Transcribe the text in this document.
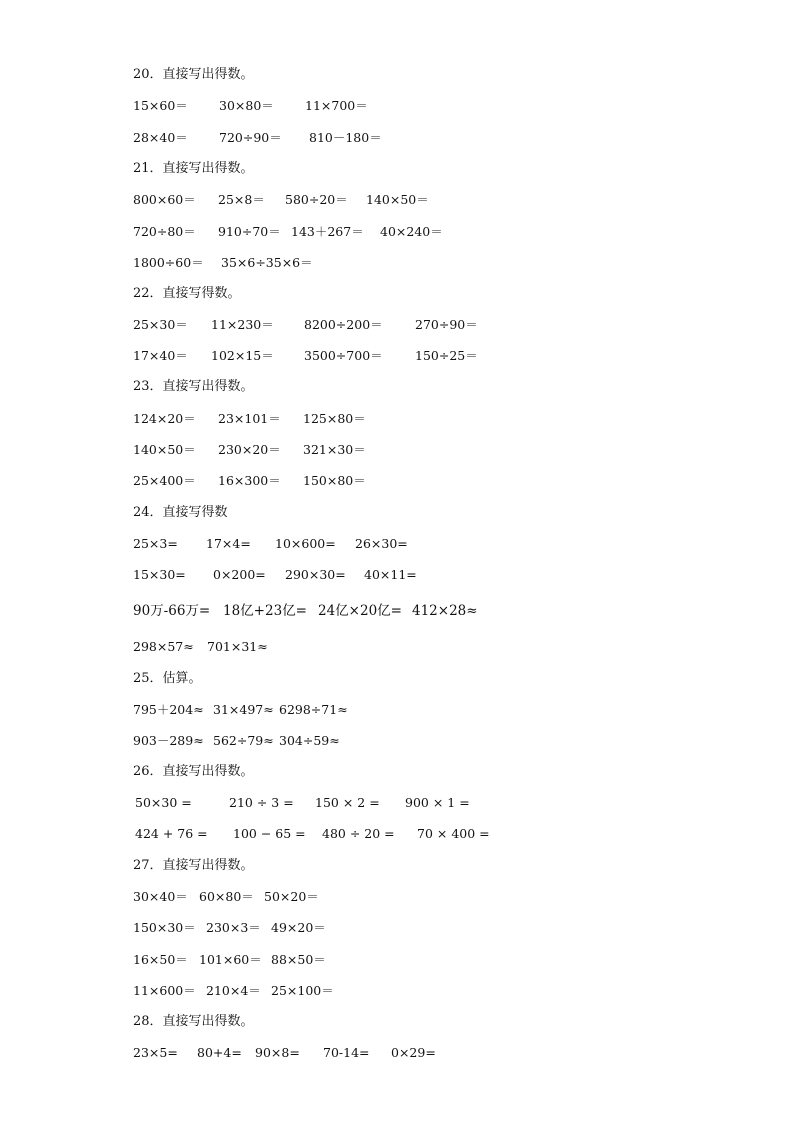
20．直接写出得数。
15×60＝ 30×80＝ 11×700＝
28×40＝ 720÷90＝ 810－180＝
21．直接写出得数。
800×60＝ 25×8＝ 580÷20＝ 140×50＝
720÷80＝ 910÷70＝ 143＋267＝ 40×240＝
1800÷60＝ 35×6÷35×6＝
22．直接写得数。
25×30＝ 11×230＝ 8200÷200＝	270÷90＝
17×40＝ 102×15＝ 3500÷700＝	150÷25＝
23．直接写出得数。
124×20＝ 23×101＝ 125×80＝
140×50＝ 230×20＝ 321×30＝
25×400＝ 16×300＝ 150×80＝
24．直接写得数
25×3= 17×4= 10×600= 26×30=
15×30= 0×200= 290×30= 40×11=
90万-66万= 18亿+23亿= 24亿×20亿= 412×28≈
298×57≈ 701×31≈
25．估算。
795＋204≈ 31×497≈ 6298÷71≈
903－289≈ 562÷79≈ 304÷59≈
26．直接写出得数。
50×30 =	210 ÷ 3 = 150 × 2 = 900 × 1 =
424 + 76 = 100 − 65 = 480 ÷ 20 = 70 × 400 =
27．直接写出得数。
30×40＝ 60×80＝ 50×20＝
150×30＝ 230×3＝ 49×20＝
16×50＝ 101×60＝ 88×50＝
11×600＝ 210×4＝ 25×100＝
28．直接写出得数。
23×5= 80+4= 90×8= 70-14= 0×29=
